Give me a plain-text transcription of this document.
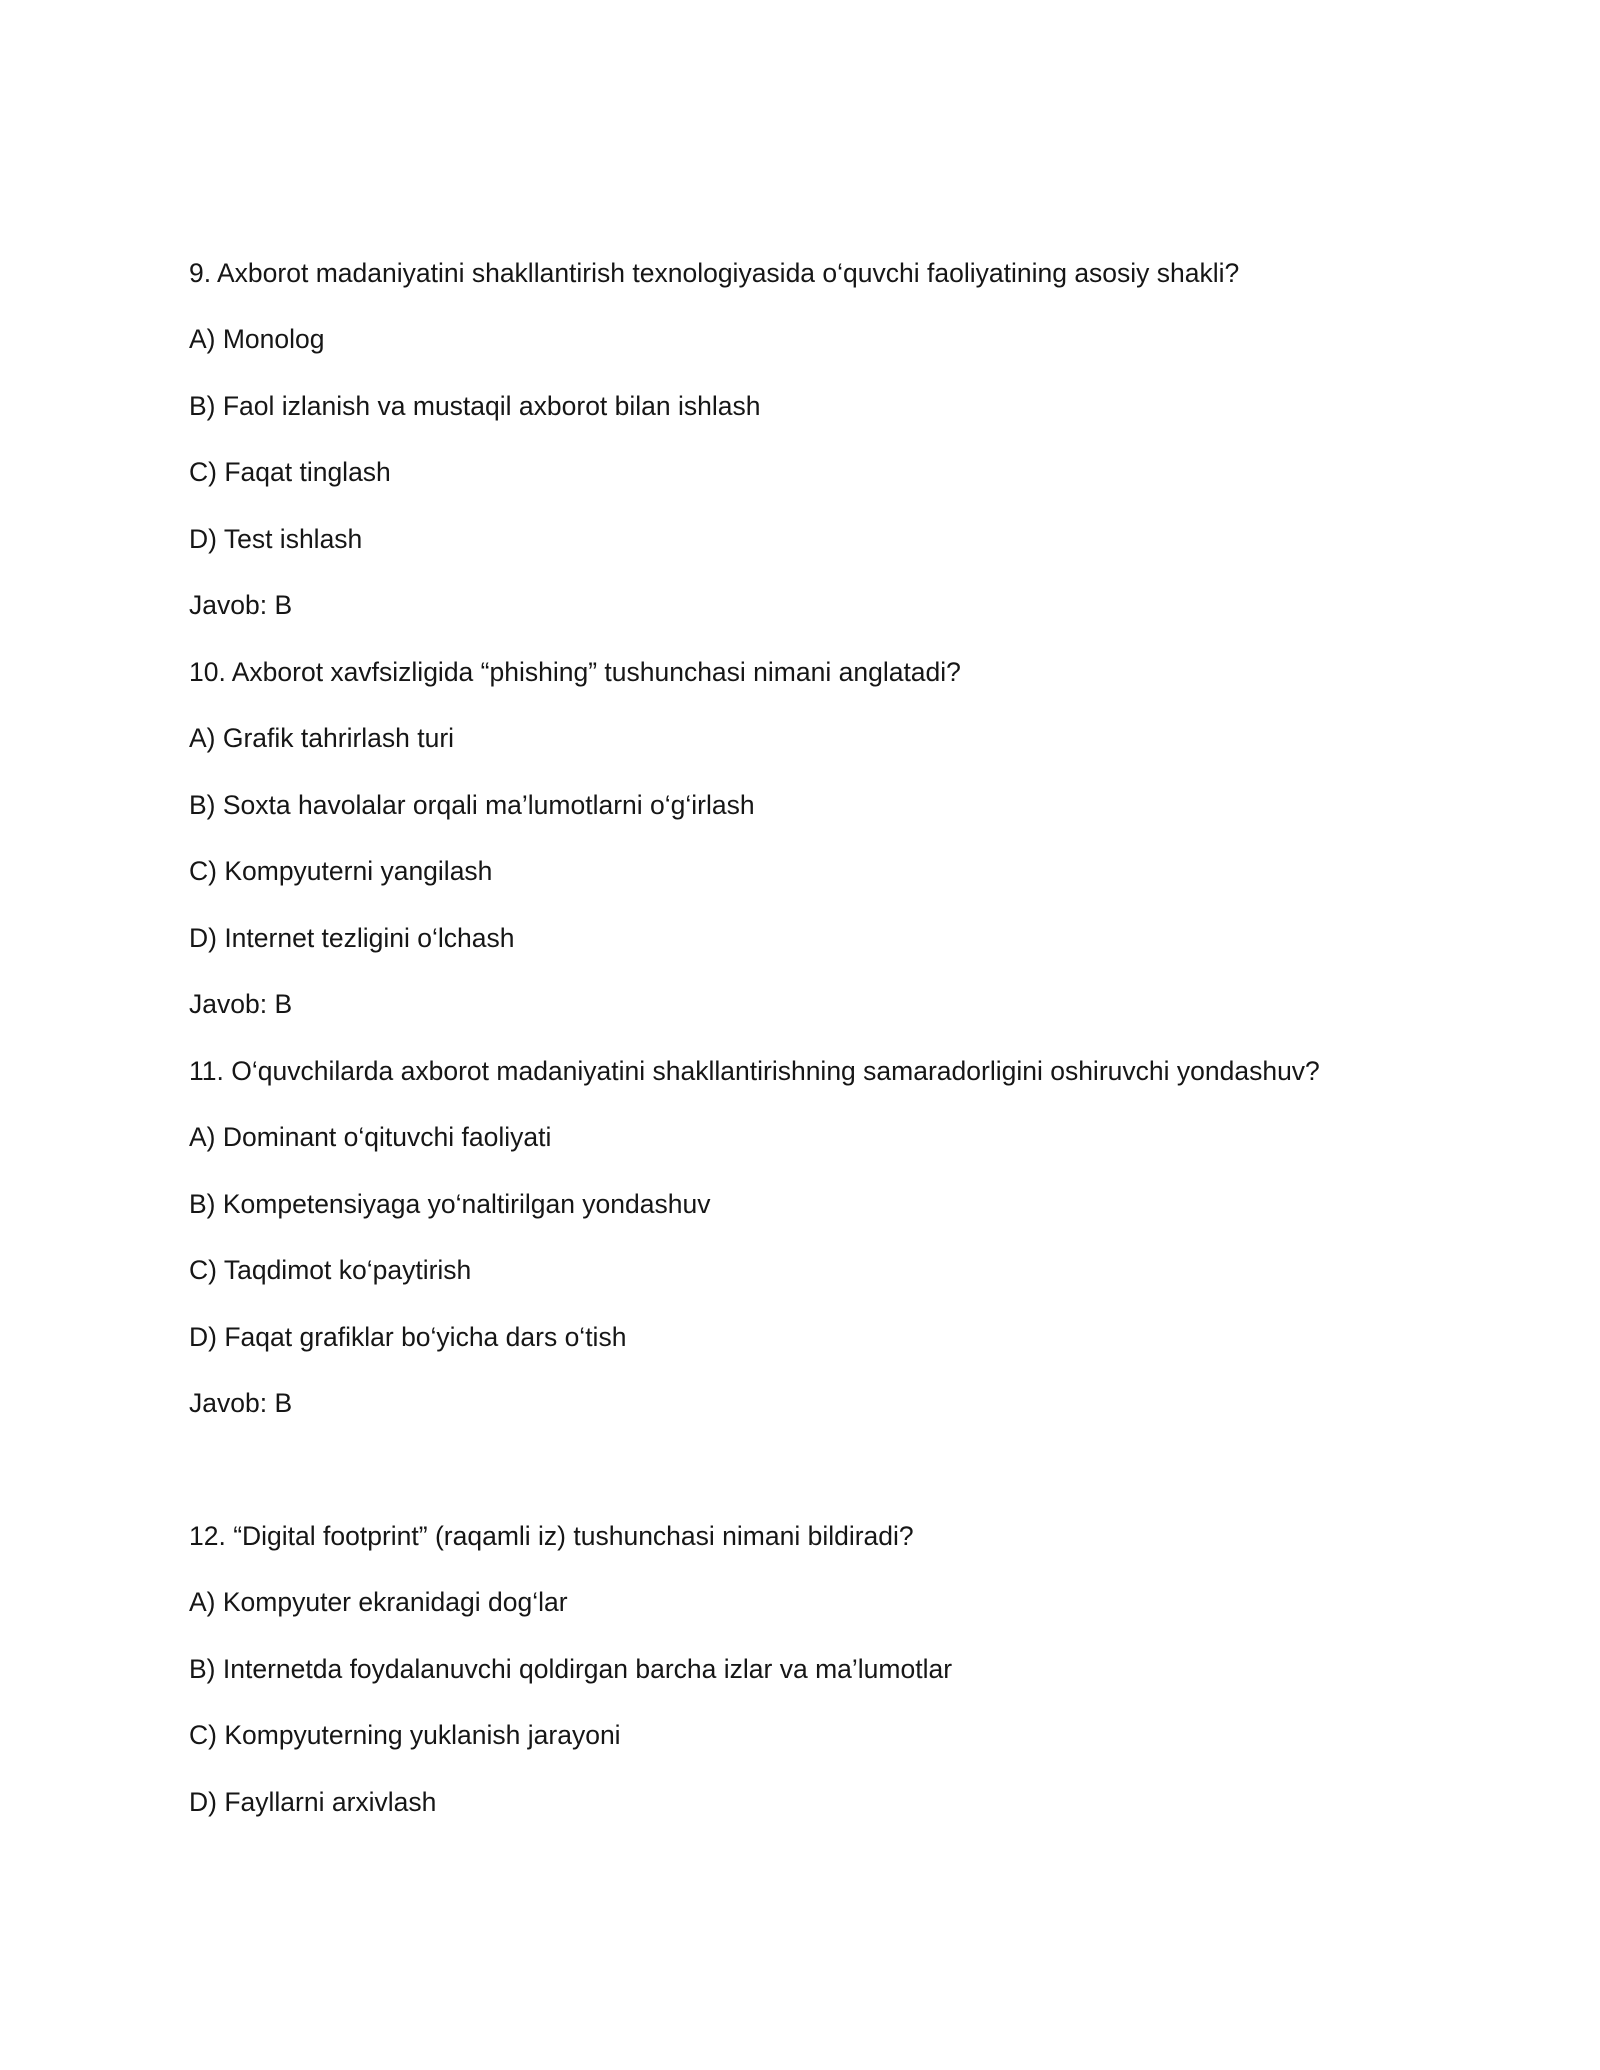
9. Axborot madaniyatini shakllantirish texnologiyasida o‘quvchi faoliyatining asosiy shakli?

A) Monolog

B) Faol izlanish va mustaqil axborot bilan ishlash

C) Faqat tinglash

D) Test ishlash

Javob: B

10. Axborot xavfsizligida “phishing” tushunchasi nimani anglatadi?

A) Grafik tahrirlash turi

B) Soxta havolalar orqali ma’lumotlarni o‘g‘irlash

C) Kompyuterni yangilash

D) Internet tezligini o‘lchash

Javob: B

11. O‘quvchilarda axborot madaniyatini shakllantirishning samaradorligini oshiruvchi yondashuv?

A) Dominant o‘qituvchi faoliyati

B) Kompetensiyaga yo‘naltirilgan yondashuv

C) Taqdimot ko‘paytirish

D) Faqat grafiklar bo‘yicha dars o‘tish

Javob: B

12. “Digital footprint” (raqamli iz) tushunchasi nimani bildiradi?

A) Kompyuter ekranidagi dog‘lar

B) Internetda foydalanuvchi qoldirgan barcha izlar va ma’lumotlar

C) Kompyuterning yuklanish jarayoni

D) Fayllarni arxivlash
